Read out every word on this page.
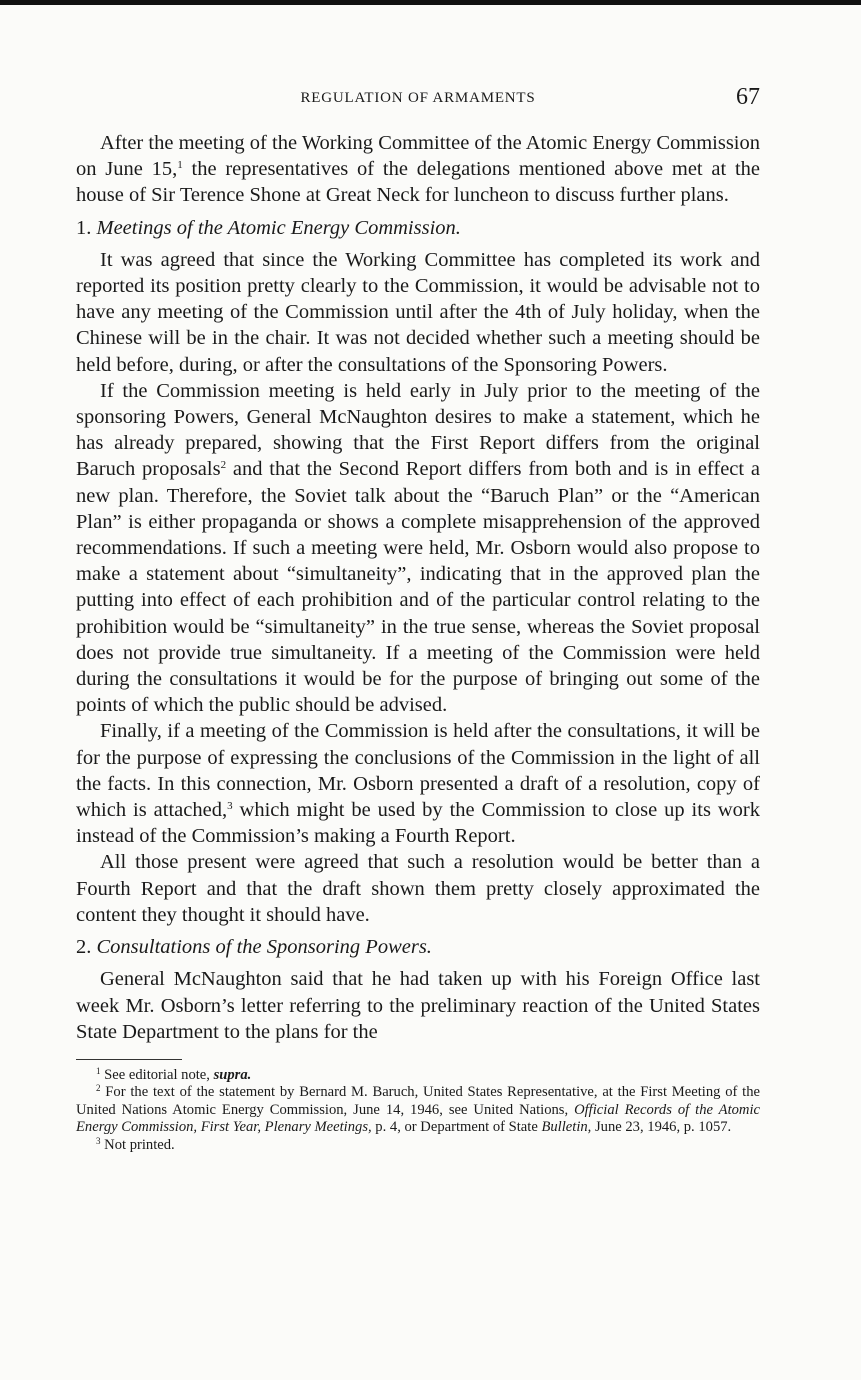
REGULATION OF ARMAMENTS	67

After the meeting of the Working Committee of the Atomic Energy Commission on June 15,$^1$ the representatives of the delegations mentioned above met at the house of Sir Terence Shone at Great Neck for luncheon to discuss further plans.

1. Meetings of the Atomic Energy Commission.

It was agreed that since the Working Committee has completed its work and reported its position pretty clearly to the Commission, it would be advisable not to have any meeting of the Commission until after the 4th of July holiday, when the Chinese will be in the chair. It was not decided whether such a meeting should be held before, during, or after the consultations of the Sponsoring Powers.

If the Commission meeting is held early in July prior to the meeting of the sponsoring Powers, General McNaughton desires to make a statement, which he has already prepared, showing that the First Report differs from the original Baruch proposals$^2$ and that the Second Report differs from both and is in effect a new plan. Therefore, the Soviet talk about the “Baruch Plan” or the “American Plan” is either propaganda or shows a complete misapprehension of the approved recommendations. If such a meeting were held, Mr. Osborn would also propose to make a statement about “simultaneity”, indicating that in the approved plan the putting into effect of each prohibition and of the particular control relating to the prohibition would be “simultaneity” in the true sense, whereas the Soviet proposal does not provide true simultaneity. If a meeting of the Commission were held during the consultations it would be for the purpose of bringing out some of the points of which the public should be advised.

Finally, if a meeting of the Commission is held after the consultations, it will be for the purpose of expressing the conclusions of the Commission in the light of all the facts. In this connection, Mr. Osborn presented a draft of a resolution, copy of which is attached,$^3$ which might be used by the Commission to close up its work instead of the Commission’s making a Fourth Report.

All those present were agreed that such a resolution would be better than a Fourth Report and that the draft shown them pretty closely approximated the content they thought it should have.

2. Consultations of the Sponsoring Powers.

General McNaughton said that he had taken up with his Foreign Office last week Mr. Osborn’s letter referring to the preliminary reaction of the United States State Department to the plans for the

$^1$ See editorial note, supra.

$^2$ For the text of the statement by Bernard M. Baruch, United States Representative, at the First Meeting of the United Nations Atomic Energy Commission, June 14, 1946, see United Nations, Official Records of the Atomic Energy Commission, First Year, Plenary Meetings, p. 4, or Department of State Bulletin, June 23, 1946, p. 1057.

$^3$ Not printed.
